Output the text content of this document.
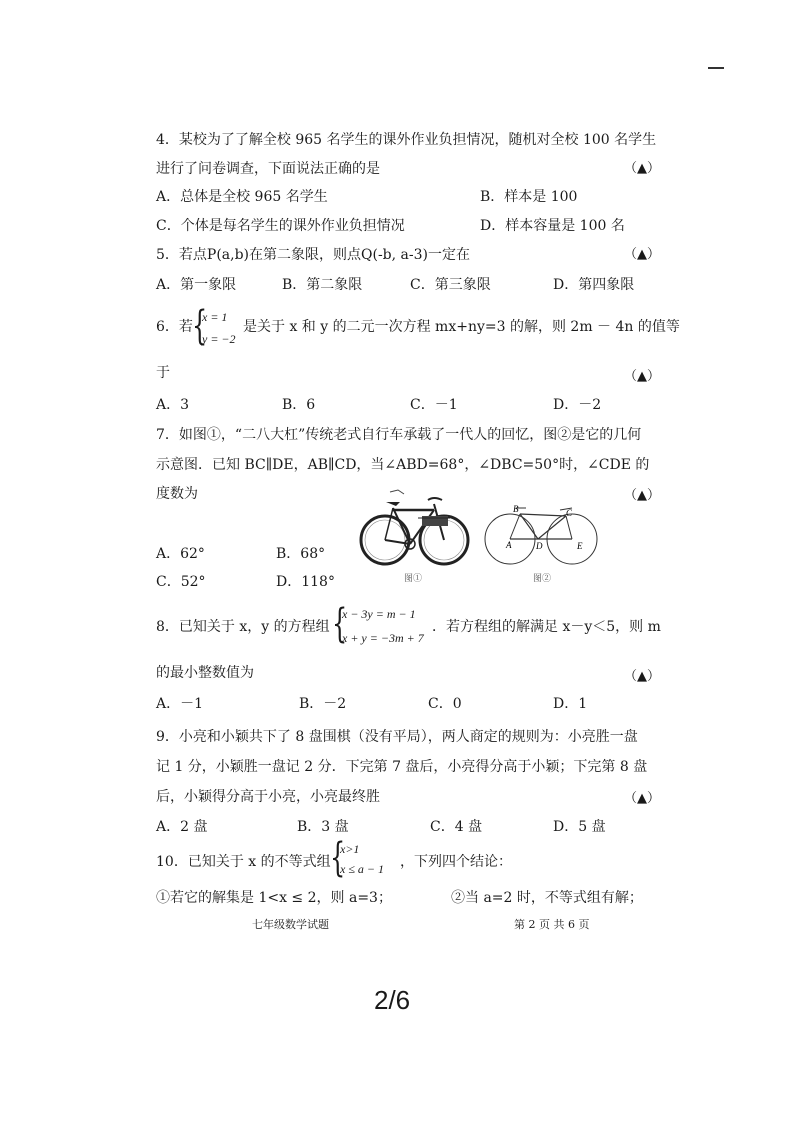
4．某校为了了解全校 965 名学生的课外作业负担情况，随机对全校 100 名学生
进行了问卷调查，下面说法正确的是	（▲）
A．总体是全校 965 名学生	B．样本是 100
C．个体是每名学生的课外作业负担情况	D．样本容量是 100 名
5．若点P(a,b)在第二象限，则点Q(-b, a-3)一定在	（▲）
A．第一象限	B．第二象限	C．第三象限	D．第四象限
6．若 {
x = 1
y = −2
是关于 x 和 y 的二元一次方程 mx+ny=3 的解，则 2m － 4n 的值等
于	（▲）
A．3	B．6	C．－1	D．－2
7．如图①，“二八大杠”传统老式自行车承载了一代人的回忆，图②是它的几何
示意图．已知 BC∥DE，AB∥CD，当∠ABD=68°，∠DBC=50°时，∠CDE 的
度数为	（▲）
A．62°	B．68°
C．52°	D．118°	图①
B	C
A	D	E
图②
8．已知关于 x，y 的方程组 {
x − 3y = m − 1
x + y = −3m + 7
．若方程组的解满足 x－y＜5，则 m
的最小整数值为	（▲）
A．－1	B．－2	C．0	D．1
9．小亮和小颖共下了 8 盘围棋（没有平局），两人商定的规则为：小亮胜一盘
记 1 分，小颖胜一盘记 2 分．下完第 7 盘后，小亮得分高于小颖；下完第 8 盘
后，小颖得分高于小亮，小亮最终胜	（▲）
A．2 盘	B．3 盘	C．4 盘	D．5 盘
10．已知关于 x 的不等式组 {
x>1
x ≤ a − 1 ，下列四个结论：
①若它的解集是 1<x ≤ 2，则 a=3；	②当 a=2 时，不等式组有解；
七年级数学试题	第 2 页 共 6 页
2/6
